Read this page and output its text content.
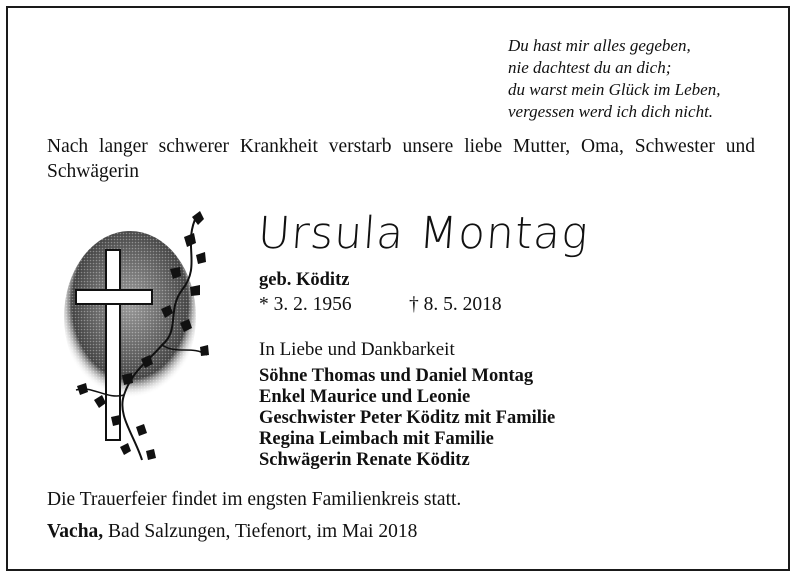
Du hast mir alles gegeben,
nie dachtest du an dich;
du warst mein Glück im Leben,
vergessen werd ich dich nicht.
Nach langer schwerer Krankheit verstarb unsere liebe Mutter, Oma, Schwester und Schwägerin
Ursula Montag
geb. Köditz
* 3. 2. 1956	† 8. 5. 2018
In Liebe und Dankbarkeit
Söhne Thomas und Daniel Montag
Enkel Maurice und Leonie
Geschwister Peter Köditz mit Familie
Regina Leimbach mit Familie
Schwägerin Renate Köditz
Die Trauerfeier findet im engsten Familienkreis statt.
Vacha, Bad Salzungen, Tiefenort, im Mai 2018
